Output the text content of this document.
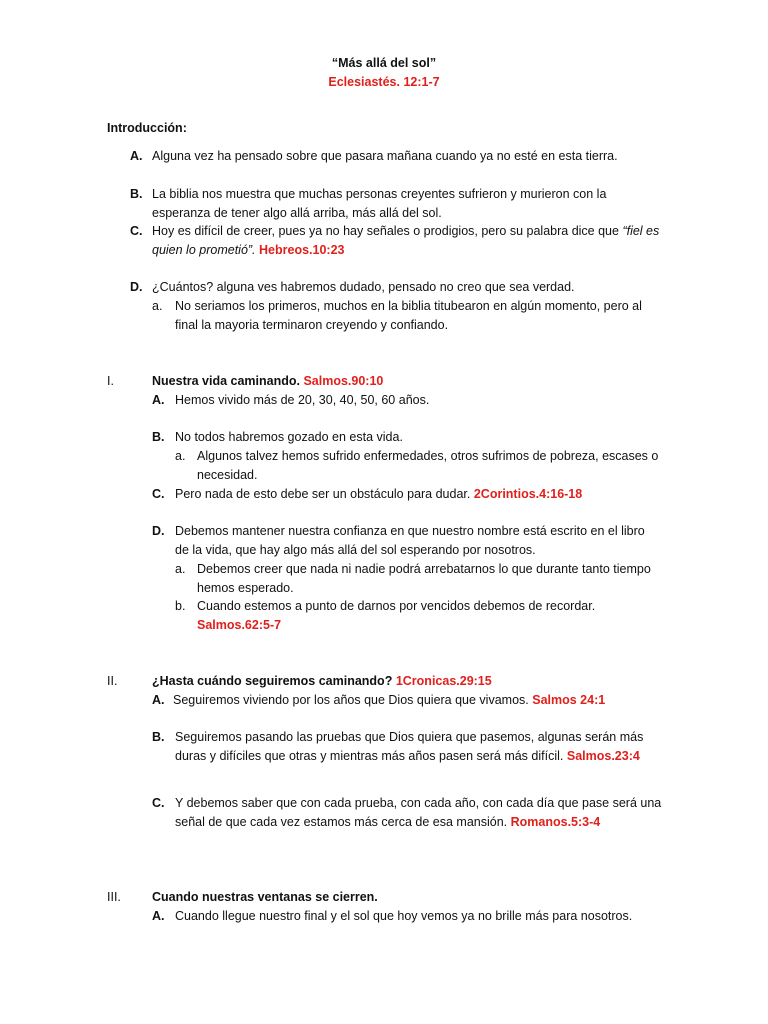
“Más allá del sol”
Eclesiastés. 12:1-7
Introducción:
A. Alguna vez ha pensado sobre que pasara mañana cuando ya no esté en esta tierra.
B. La biblia nos muestra que muchas personas creyentes sufrieron y murieron con la
esperanza de tener algo allá arriba, más allá del sol.
C. Hoy es difícil de creer, pues ya no hay señales o prodigios, pero su palabra dice que “fiel es
quien lo prometió”. Hebreos.10:23
D. ¿Cuántos? alguna ves habremos dudado, pensado no creo que sea verdad.
a. No seriamos los primeros, muchos en la biblia titubearon en algún momento, pero al
final la mayoria terminaron creyendo y confiando.
I.	Nuestra vida caminando. Salmos.90:10
A. Hemos vivido más de 20, 30, 40, 50, 60 años.
B. No todos habremos gozado en esta vida.
a. Algunos talvez hemos sufrido enfermedades, otros sufrimos de pobreza, escases o
necesidad.
C. Pero nada de esto debe ser un obstáculo para dudar. 2Corintios.4:16-18
D. Debemos mantener nuestra confianza en que nuestro nombre está escrito en el libro
de la vida, que hay algo más allá del sol esperando por nosotros.
a. Debemos creer que nada ni nadie podrá arrebatarnos lo que durante tanto tiempo
hemos esperado.
b. Cuando estemos a punto de darnos por vencidos debemos de recordar.
Salmos.62:5-7
II.	¿Hasta cuándo seguiremos caminando? 1Cronicas.29:15
A. Seguiremos viviendo por los años que Dios quiera que vivamos. Salmos 24:1
B. Seguiremos pasando las pruebas que Dios quiera que pasemos, algunas serán más
duras y difíciles que otras y mientras más años pasen será más difícil. Salmos.23:4
C. Y debemos saber que con cada prueba, con cada año, con cada día que pase será una
señal de que cada vez estamos más cerca de esa mansión. Romanos.5:3-4
III. Cuando nuestras ventanas se cierren.
A. Cuando llegue nuestro final y el sol que hoy vemos ya no brille más para nosotros.
